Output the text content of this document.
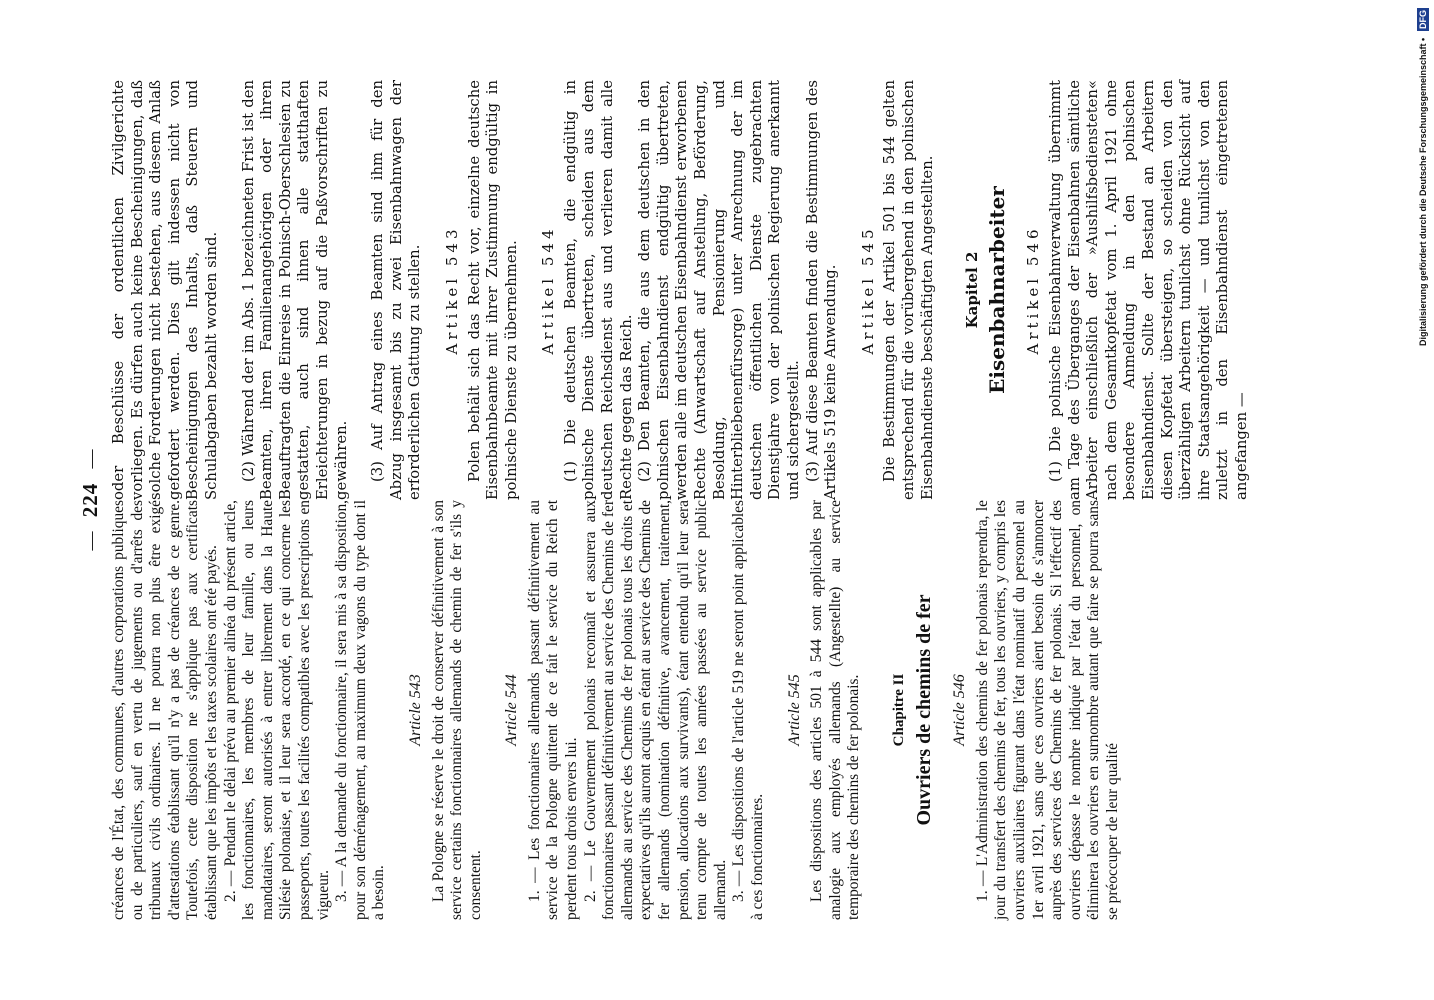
—   224   —

créances de l'État, des communes, d'autres corporations publiques ou de particuliers, sauf en vertu de jugements ou d'arrêts des tribunaux civils ordinaires. Il ne pourra non plus être exigé d'attestations établissant qu'il n'y a pas de créances de ce genre. Toutefois, cette disposition ne s'applique pas aux certificats établissant que les impôts et les taxes scolaires ont été payés. 2. — Pendant le délai prévu au premier alinéa du présent article, les fonctionnaires, les membres de leur famille, ou leurs mandataires, seront autorisés à entrer librement dans la Haute Silésie polonaise, et il leur sera accordé, en ce qui concerne les passeports, toutes les facilités compatibles avec les prescriptions en vigueur. 3. — A la demande du fonctionnaire, il sera mis à sa disposition, pour son déménagement, au maximum deux vagons du type dont il a besoin.

Article 543 La Pologne se réserve le droit de conserver définitivement à son service certains fonctionnaires allemands de chemin de fer s'ils y consentent.

Article 544 1. — Les fonctionnaires allemands passant définitivement au service de la Pologne quittent de ce fait le service du Reich et perdent tous droits envers lui. 2. — Le Gouvernement polonais reconnaît et assurera aux fonctionnaires passant définitivement au service des Chemins de fer allemands au service des Chemins de fer polonais tous les droits et expectatives qu'ils auront acquis en étant au service des Chemins de fer allemands (nomination définitive, avancement, traitement, pension, allocations aux survivants), étant entendu qu'il leur sera tenu compte de toutes les années passées au service public allemand. 3. — Les dispositions de l'article 519 ne seront point applicables à ces fonctionnaires.

Article 545 Les dispositions des articles 501 à 544 sont applicables par analogie aux employés allemands (Angestellte) au service temporaire des chemins de fer polonais. Chapitre II Ouvriers de chemins de fer Article 546 1. — L'Administration des chemins de fer polonais reprendra, le jour du transfert des chemins de fer, tous les ouvriers, y compris les ouvriers auxiliaires figurant dans l'état nominatif du personnel au 1er avril 1921, sans que ces ouvriers aient besoin de s'annoncer auprès des services des Chemins de fer polonais. Si l'effectif des ouvriers dépasse le nombre indiqué par l'état du personnel, on éliminera les ouvriers en surnombre autant que faire se pourra sans se préoccuper de leur qualité

oder Beschlüsse der ordentlichen Zivilgerichte vorliegen. Es dürfen auch keine Bescheinigungen, daß solche Forderungen nicht bestehen, aus diesem Anlaß gefordert werden. Dies gilt indessen nicht von Bescheinigungen des Inhalts, daß Steuern und Schulabgaben bezahlt worden sind. (2) Während der im Abs. 1 bezeichneten Frist ist den Beamten, ihren Familienangehörigen oder ihren Beauftragten die Einreise in Polnisch-Oberschlesien zu gestatten, auch sind ihnen alle statthaften Erleichterungen in bezug auf die Paßvorschriften zu gewähren. (3) Auf Antrag eines Beamten sind ihm für den Abzug insgesamt bis zu zwei Eisenbahnwagen der erforderlichen Gattung zu stellen. Artikel 543 Polen behält sich das Recht vor, einzelne deutsche Eisenbahnbeamte mit ihrer Zustimmung endgültig in polnische Dienste zu übernehmen. Artikel 544 (1) Die deutschen Beamten, die endgültig in polnische Dienste übertreten, scheiden aus dem deutschen Reichsdienst aus und verlieren damit alle Rechte gegen das Reich. (2) Den Beamten, die aus dem deutschen in den polnischen Eisenbahndienst endgültig übertreten, werden alle im deutschen Eisenbahndienst erworbenen Rechte (Anwartschaft auf Anstellung, Beförderung, Besoldung, Pensionierung und Hinterbliebenenfürsorge) unter Anrechnung der im deutschen öffentlichen Dienste zugebrachten Dienstjahre von der polnischen Regierung anerkannt und sichergestellt. (3) Auf diese Beamten finden die Bestimmungen des Artikels 519 keine Anwendung. Artikel 545 Die Bestimmungen der Artikel 501 bis 544 gelten entsprechend für die vorübergehend in den polnischen Eisenbahndienste beschäftigten Angestellten. Kapitel 2 Eisenbahnarbeiter Artikel 546 (1) Die polnische Eisenbahnverwaltung übernimmt am Tage des Überganges der Eisenbahnen sämtliche Arbeiter einschließlich der »Aushilfsbediensteten« nach dem Gesamtkopfetat vom 1. April 1921 ohne besondere Anmeldung in den polnischen Eisenbahndienst. Sollte der Bestand an Arbeitern diesen Kopfetat übersteigen, so scheiden von den überzähligen Arbeitern tunlichst ohne Rücksicht auf ihre Staatsangehörigkeit — und tunlichst von den zuletzt in den Eisenbahndienst eingetretenen angefangen —

Digitalisierung gefördert durch die Deutsche Forschungsgemeinschaft • DFG
